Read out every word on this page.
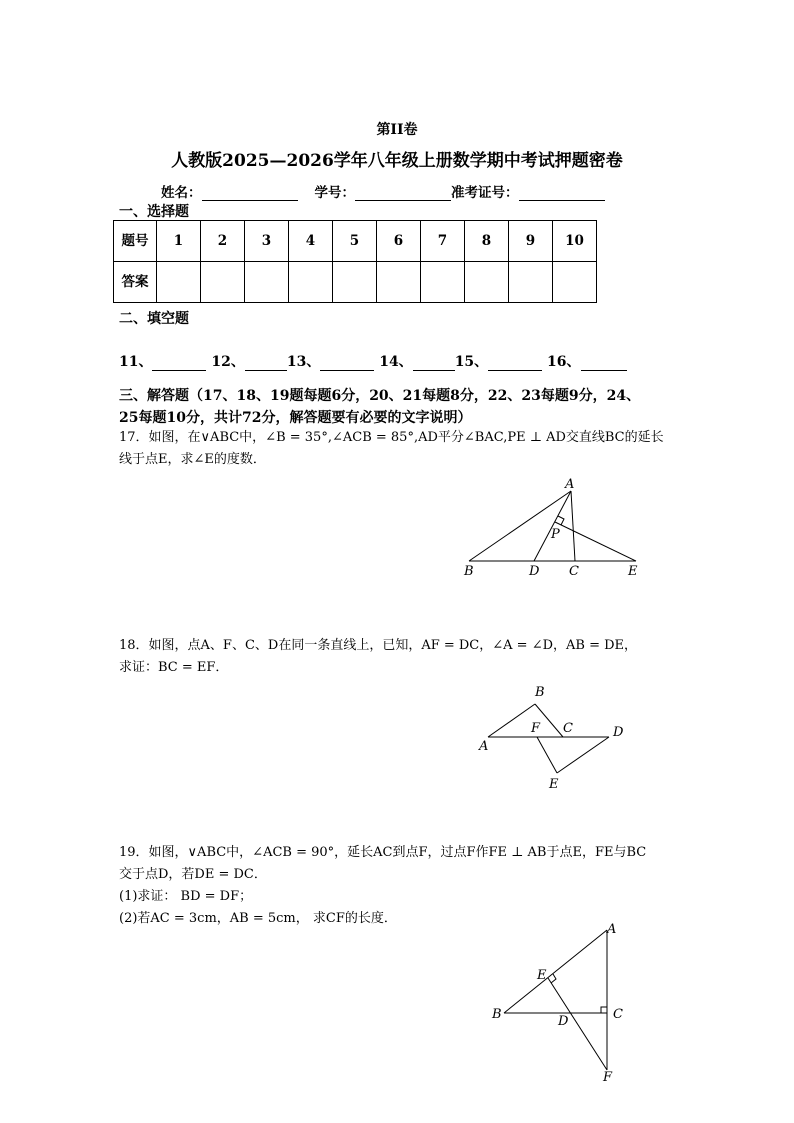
第II卷
人教版2025—2026学年八年级上册数学期中考试押题密卷
姓名：	学号：	准考证号：
一、选择题
题号	1	2	3	4	5	6	7	8	9	10
答案										
二、填空题
11、	12、	13、	14、	15、	16、
三、解答题（17、18、19题每题6分，20、21每题8分，22、23每题9分，24、
25每题10分，共计72分，解答题要有必要的文字说明）
17．如图，在∨ABC中，∠B = 35°,∠ACB = 85°,AD平分∠BAC,PE ⊥ AD交直线BC的延长
线于点E，求∠E的度数．
A
B	D C	E
P
18．如图，点A、F、C、D在同一条直线上，已知，AF = DC，∠A = ∠D，AB = DE，
求证：BC = EF．
B
A
F C	D
E
19．如图，∨ABC中，∠ACB = 90°，延长AC到点F，过点F作FE ⊥ AB于点E，FE与BC
交于点D，若DE = DC．
(1)求证： BD = DF；
(2)若AC = 3cm，AB = 5cm， 求CF的长度．
A
B	C
D
E
F
